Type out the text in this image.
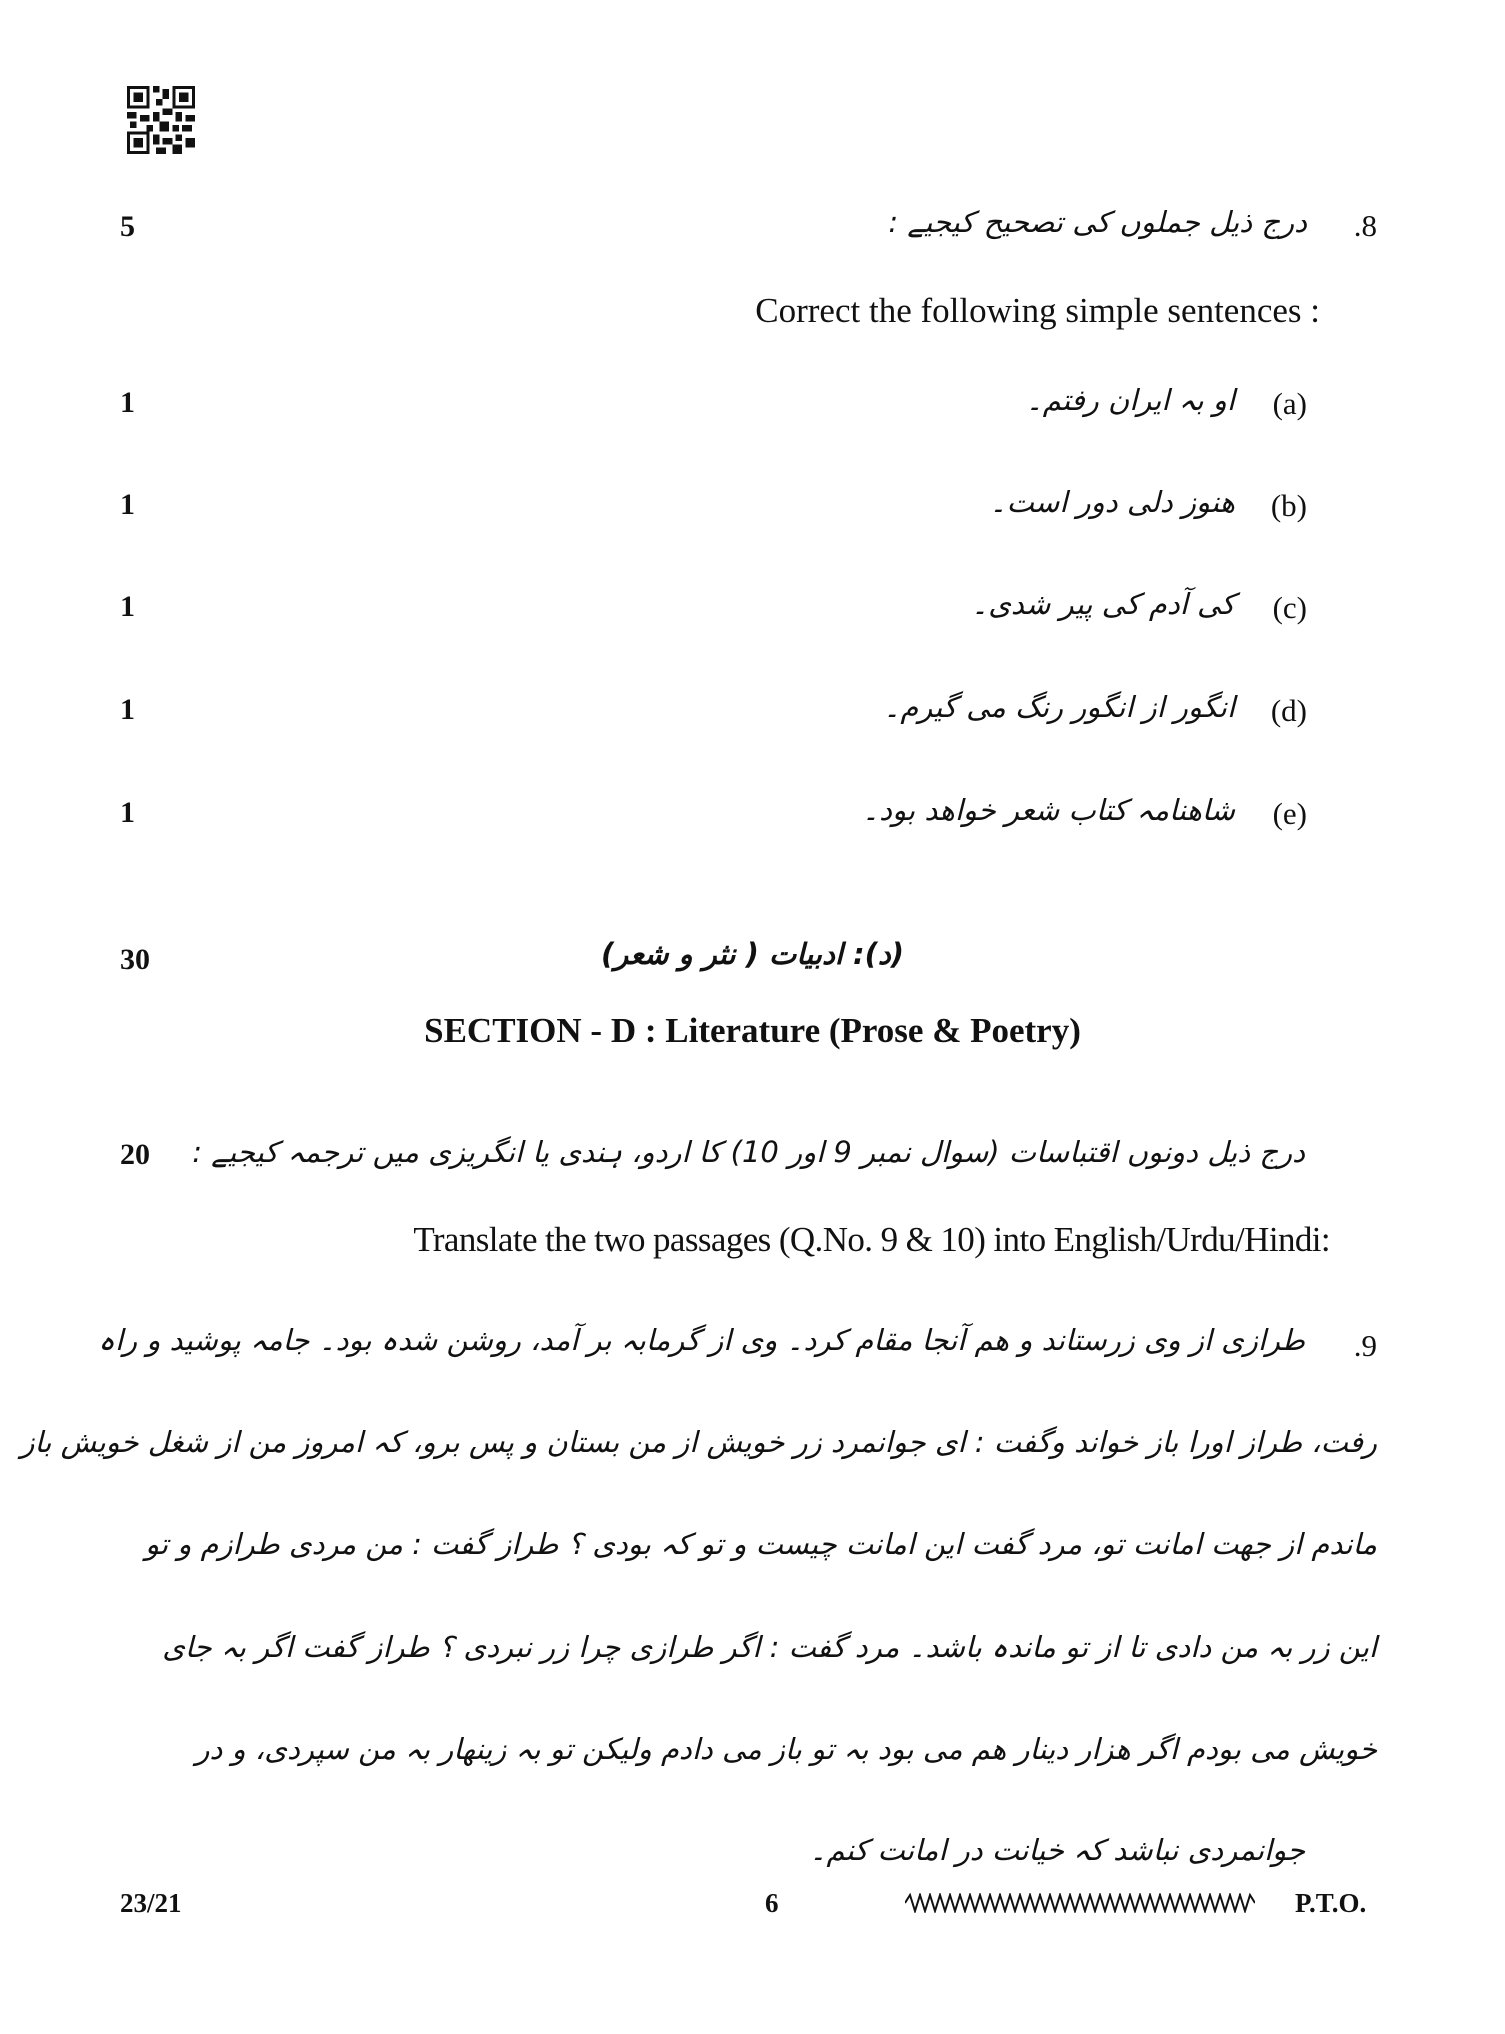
5	.8
درج ذیل جملوں کی تصحیح کیجیے :
Correct the following simple sentences :
1	(a)
او بہ ایران رفتم۔
1	(b)
ھنوز دلی دور است۔
1	(c)
کی آدم کی پیر شدی۔
1	(d)
انگور از انگور رنگ می گیرم۔
1	(e)
شاھنامہ کتاب شعر خواھد بود۔
30	(د): ادبیات ( نثر و شعر)
SECTION - D : Literature (Prose & Poetry)
20 درج ذیل دونوں اقتباسات (سوال نمبر 9 اور 10) کا اردو، ہندی یا انگریزی میں ترجمہ کیجیے :
Translate the two passages (Q.No. 9 & 10) into English/Urdu/Hindi:
.9
طرازی از وی زرستاند و هم آنجا مقام کرد۔ وی از گرمابہ بر آمد، روشن شدہ بود۔ جامہ پوشید و راہ
رفت، طراز اورا باز خواند وگفت : ای جوانمرد زر خویش از من بستان و پس برو، کہ امروز من از شغل خویش باز
ماندم از جهت امانت تو، مرد گفت این امانت چیست و تو کہ بودی ؟ طراز گفت : من مردی طرازم و تو
این زر بہ من دادی تا از تو ماندہ باشد۔ مرد گفت : اگر طرازی چرا زر نبردی ؟ طراز گفت اگر بہ جای
خویش می بودم اگر هزار دینار هم می بود بہ تو باز می دادم ولیکن تو بہ زینهار بہ من سپردی، و در
جوانمردی نباشد کہ خیانت در امانت کنم۔
23/21	6	P.T.O.
